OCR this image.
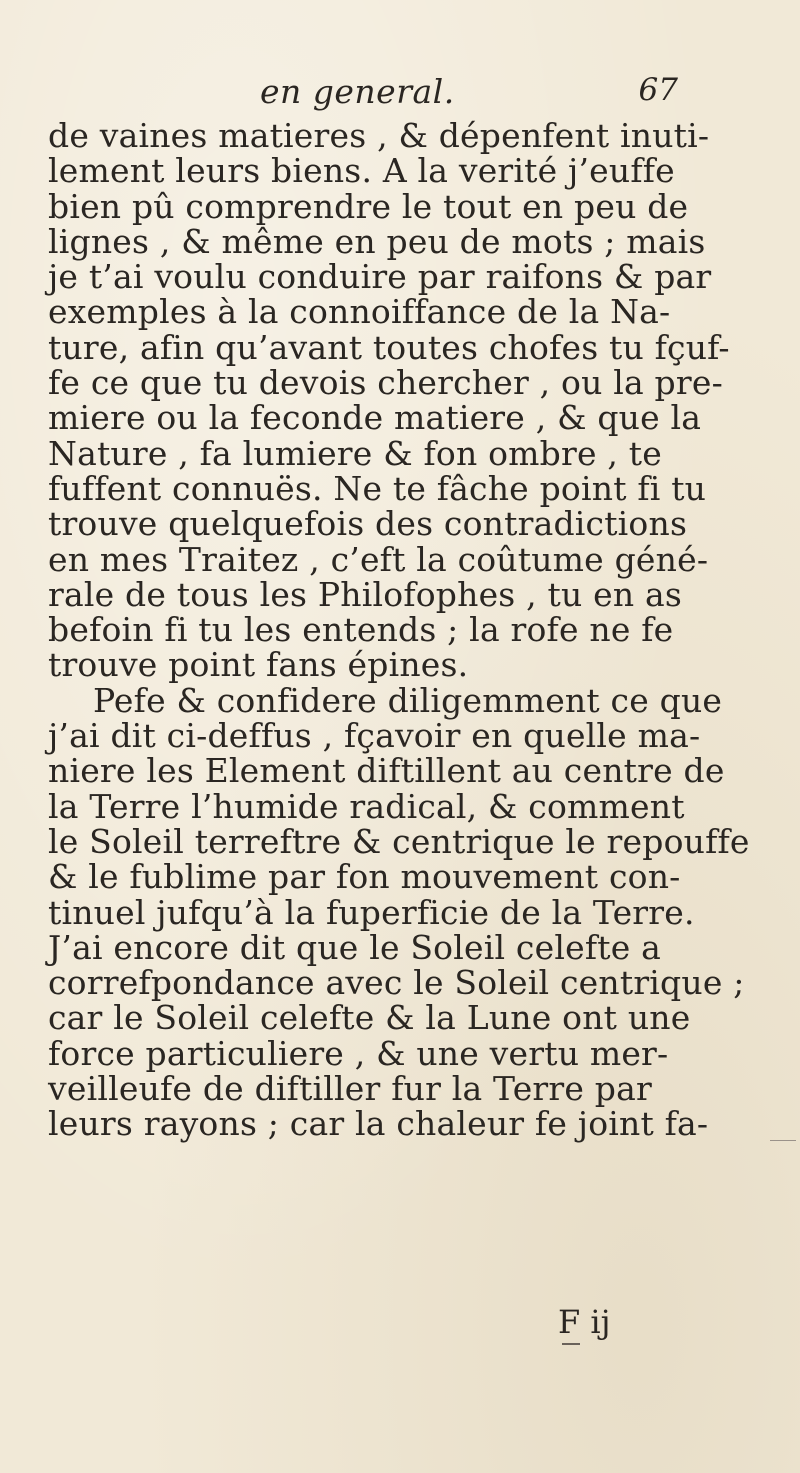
en general.	67
de vaines matieres , & dépenfent inuti-
lement leurs biens. A la verité j’euffe
bien pû comprendre le tout en peu de
lignes , & même en peu de mots ; mais
je t’ai voulu conduire par raifons & par
exemples à la connoiffance de la Na-
ture, afin qu’avant toutes chofes tu fçuf-
fe ce que tu devois chercher , ou la pre-
miere ou la feconde matiere , & que la
Nature , fa lumiere & fon ombre , te
fuffent connuës. Ne te fâche point fi tu
trouve quelquefois des contradictions
en mes Traitez , c’eft la coûtume géné-
rale de tous les Philofophes , tu en as
befoin fi tu les entends ; la rofe ne fe
trouve point fans épines.
Pefe & confidere diligemment ce que
j’ai dit ci-deffus , fçavoir en quelle ma-
niere les Element diftillent au centre de
la Terre l’humide radical, & comment
le Soleil terreftre & centrique le repouffe
& le fublime par fon mouvement con-
tinuel jufqu’à la fuperficie de la Terre.
J’ai encore dit que le Soleil celefte a
correfpondance avec le Soleil centrique ;
car le Soleil celefte & la Lune ont une
force particuliere , & une vertu mer-
veilleufe de diftiller fur la Terre par
leurs rayons ; car la chaleur fe joint fa-
F ij
